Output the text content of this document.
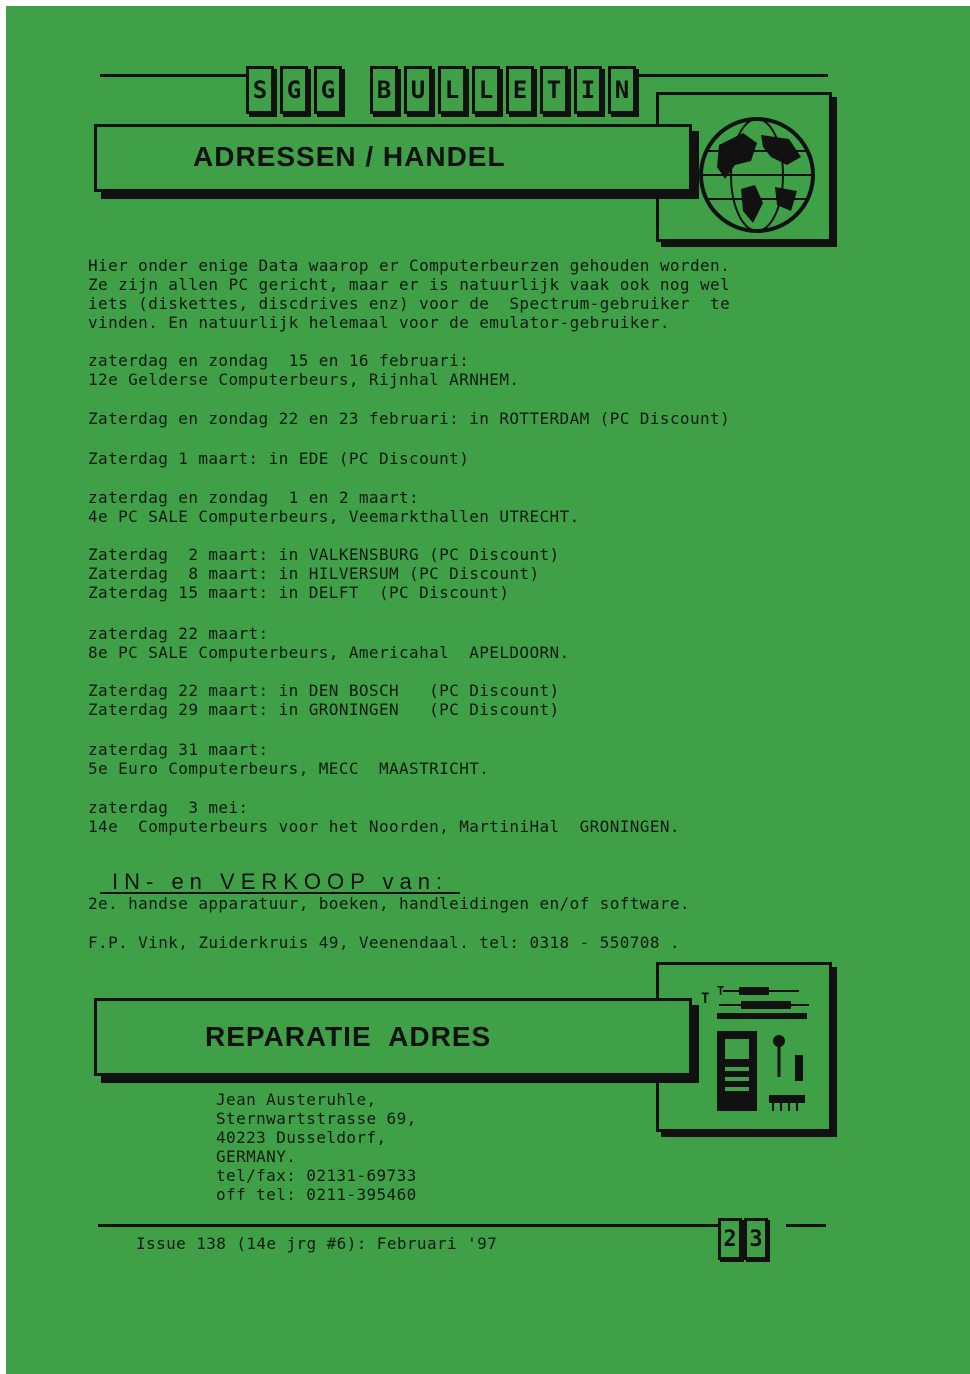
S G G B U L L E T I N
ADRESSEN / HANDEL
Hier onder enige Data waarop er Computerbeurzen gehouden worden.
Ze zijn allen PC gericht, maar er is natuurlijk vaak ook nog wel
iets (diskettes, discdrives enz) voor de  Spectrum-gebruiker  te
vinden. En natuurlijk helemaal voor de emulator-gebruiker.
zaterdag en zondag  15 en 16 februari:
12e Gelderse Computerbeurs, Rijnhal ARNHEM.
Zaterdag en zondag 22 en 23 februari: in ROTTERDAM (PC Discount)
Zaterdag 1 maart: in EDE (PC Discount)
zaterdag en zondag  1 en 2 maart:
4e PC SALE Computerbeurs, Veemarkthallen UTRECHT.
Zaterdag  2 maart: in VALKENSBURG (PC Discount)
Zaterdag  8 maart: in HILVERSUM (PC Discount)
Zaterdag 15 maart: in DELFT  (PC Discount)
zaterdag 22 maart:
8e PC SALE Computerbeurs, Americahal  APELDOORN.
Zaterdag 22 maart: in DEN BOSCH   (PC Discount)
Zaterdag 29 maart: in GRONINGEN   (PC Discount)
zaterdag 31 maart:
5e Euro Computerbeurs, MECC  MAASTRICHT.
zaterdag  3 mei:
14e  Computerbeurs voor het Noorden, MartiniHal  GRONINGEN.
IN- en VERKOOP van:
2e. handse apparatuur, boeken, handleidingen en/of software.
F.P. Vink, Zuiderkruis 49, Veenendaal. tel: 0318 - 550708 .
T T
REPARATIE  ADRES
Jean Austeruhle,
Sternwartstrasse 69,
40223 Dusseldorf,
GERMANY.
tel/fax: 02131-69733
off tel: 0211-395460
Issue 138 (14e jrg #6): Februari '97	2 3
